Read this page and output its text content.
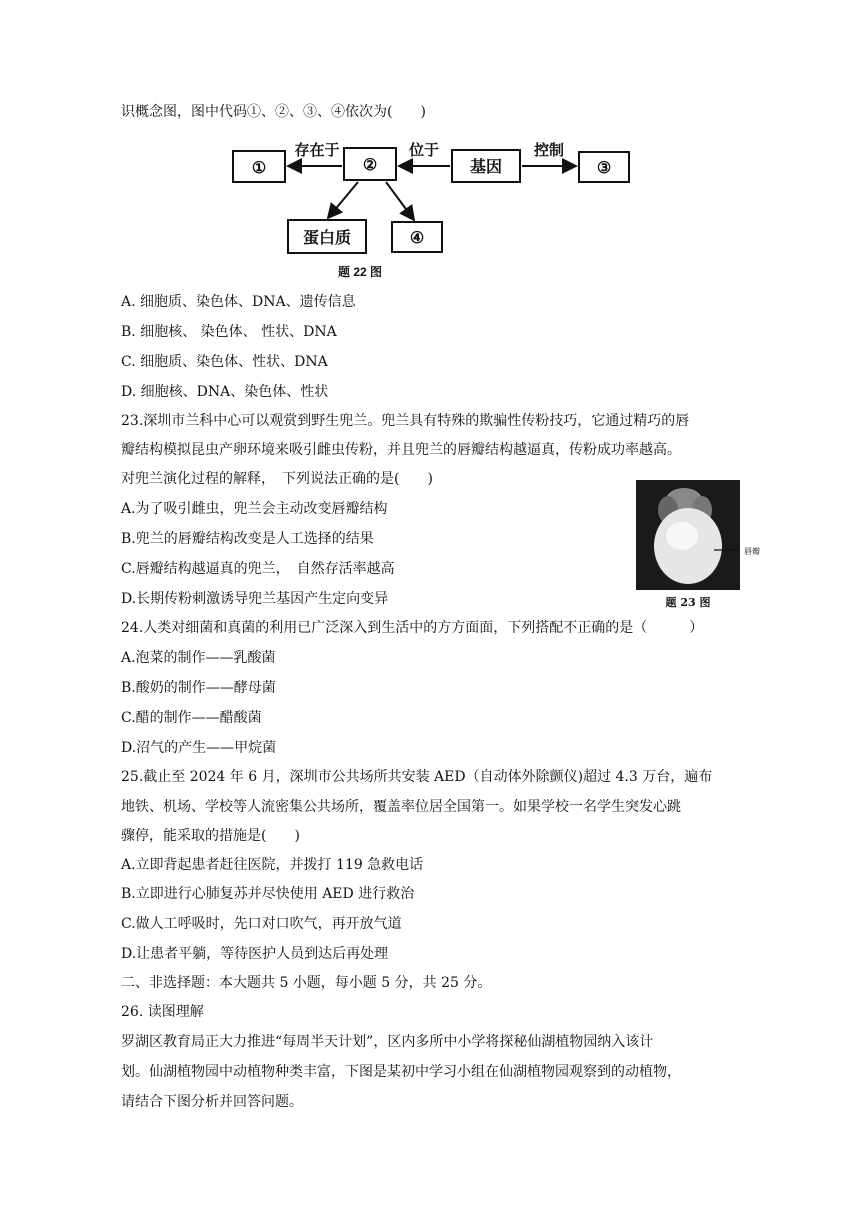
识概念图，图中代码①、②、③、④依次为(　　)
①	②	基因	③
蛋白质	④
存在于	位于	控制
题 22 图
A. 细胞质、染色体、DNA、遗传信息
B. 细胞核、 染色体、 性状、DNA
C. 细胞质、染色体、性状、DNA
D. 细胞核、DNA、染色体、性状
23.深圳市兰科中心可以观赏到野生兜兰。兜兰具有特殊的欺骗性传粉技巧，它通过精巧的唇
瓣结构模拟昆虫产卵环境来吸引雌虫传粉，并且兜兰的唇瓣结构越逼真，传粉成功率越高。
对兜兰演化过程的解释，　下列说法正确的是(　　)
A.为了吸引雌虫，兜兰会主动改变唇瓣结构
B.兜兰的唇瓣结构改变是人工选择的结果
C.唇瓣结构越逼真的兜兰，　自然存活率越高
D.长期传粉刺激诱导兜兰基因产生定向变异
唇瓣
题 23 图
24.人类对细菌和真菌的利用已广泛深入到生活中的方方面面，下列搭配不正确的是（　　　）
A.泡菜的制作——乳酸菌
B.酸奶的制作——酵母菌
C.醋的制作——醋酸菌
D.沼气的产生——甲烷菌
25.截止至 2024 年 6 月，深圳市公共场所共安装 AED（自动体外除颤仪)超过 4.3 万台，遍布
地铁、机场、学校等人流密集公共场所，覆盖率位居全国第一。如果学校一名学生突发心跳
骤停，能采取的措施是(　　)
A.立即背起患者赶往医院，并拨打 119 急救电话
B.立即进行心肺复苏并尽快使用 AED 进行救治
C.做人工呼吸时，先口对口吹气，再开放气道
D.让患者平躺，等待医护人员到达后再处理
二、非选择题：本大题共 5 小题，每小题 5 分，共 25 分。
26. 读图理解
罗湖区教育局正大力推进“每周半天计划”，区内多所中小学将探秘仙湖植物园纳入该计
划。仙湖植物园中动植物种类丰富，下图是某初中学习小组在仙湖植物园观察到的动植物，
请结合下图分析并回答问题。
